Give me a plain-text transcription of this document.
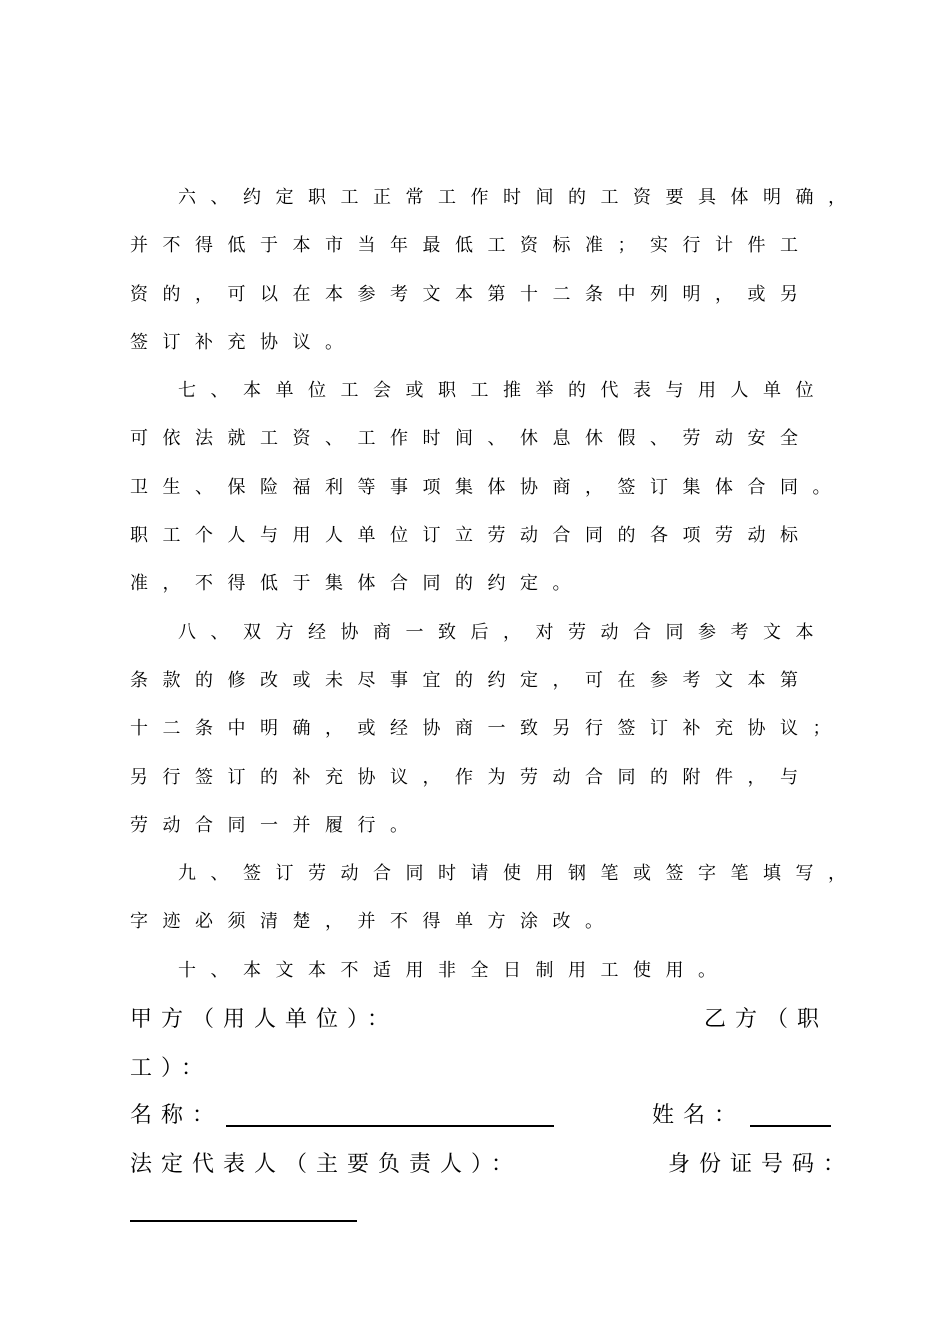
六、约定职工正常工作时间的工资要具体明确，
并不得低于本市当年最低工资标准；实行计件工
资的，可以在本参考文本第十二条中列明，或另
签订补充协议。
七、本单位工会或职工推举的代表与用人单位
可依法就工资、工作时间、休息休假、劳动安全
卫生、保险福利等事项集体协商，签订集体合同。
职工个人与用人单位订立劳动合同的各项劳动标
准，不得低于集体合同的约定。
八、双方经协商一致后，对劳动合同参考文本
条款的修改或未尽事宜的约定，可在参考文本第
十二条中明确，或经协商一致另行签订补充协议；
另行签订的补充协议，作为劳动合同的附件，与
劳动合同一并履行。
九、签订劳动合同时请使用钢笔或签字笔填写，
字迹必须清楚，并不得单方涂改。
十、本文本不适用非全日制用工使用。
甲方（用人单位）：	乙方（职
工）：
名称：	姓名：
法定代表人（主要负责人）：	身份证号码：
